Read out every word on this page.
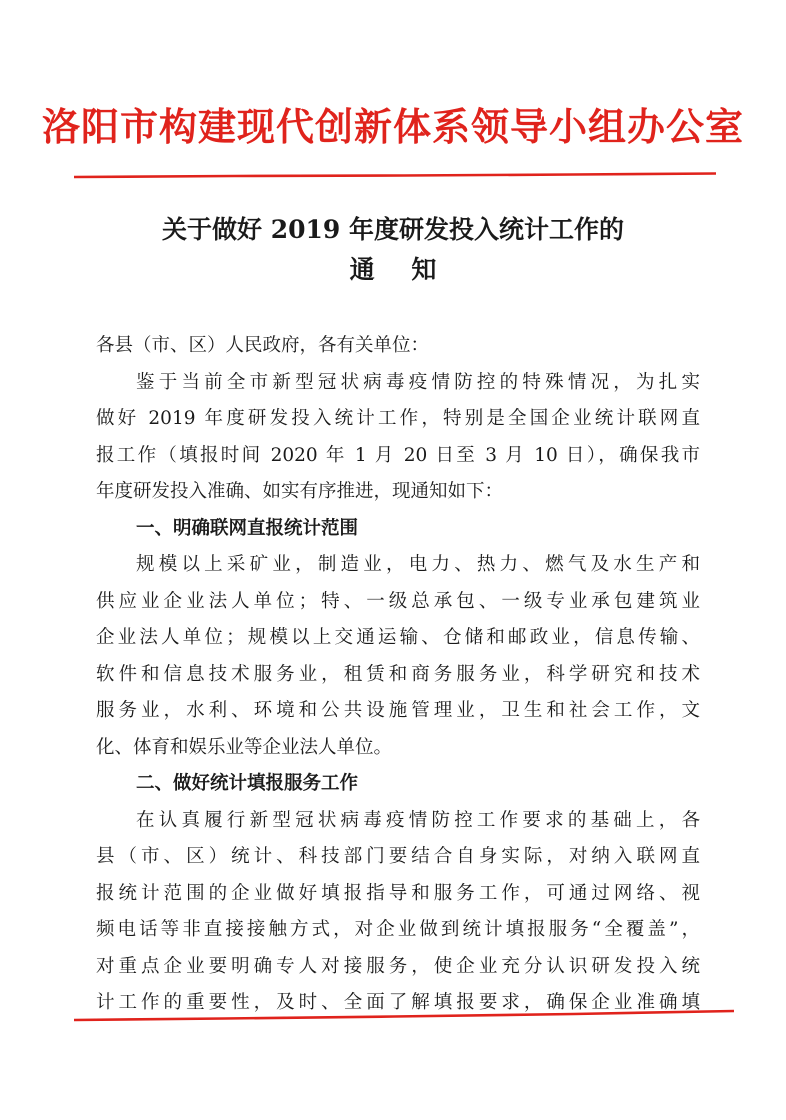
洛阳市构建现代创新体系领导小组办公室
关于做好 2019 年度研发投入统计工作的
通 知
各县（市、区）人民政府，各有关单位：
鉴于当前全市新型冠状病毒疫情防控的特殊情况，为扎实
做好 2019 年度研发投入统计工作，特别是全国企业统计联网直
报工作（填报时间 2020 年 1 月 20 日至 3 月 10 日），确保我市
年度研发投入准确、如实有序推进，现通知如下：
一、明确联网直报统计范围
规模以上采矿业，制造业，电力、热力、燃气及水生产和
供应业企业法人单位；特、一级总承包、一级专业承包建筑业
企业法人单位；规模以上交通运输、仓储和邮政业，信息传输、
软件和信息技术服务业，租赁和商务服务业，科学研究和技术
服务业，水利、环境和公共设施管理业，卫生和社会工作，文
化、体育和娱乐业等企业法人单位。
二、做好统计填报服务工作
在认真履行新型冠状病毒疫情防控工作要求的基础上，各
县（市、区）统计、科技部门要结合自身实际，对纳入联网直
报统计范围的企业做好填报指导和服务工作，可通过网络、视
频电话等非直接接触方式，对企业做到统计填报服务“全覆盖”，
对重点企业要明确专人对接服务，使企业充分认识研发投入统
计工作的重要性，及时、全面了解填报要求，确保企业准确填
